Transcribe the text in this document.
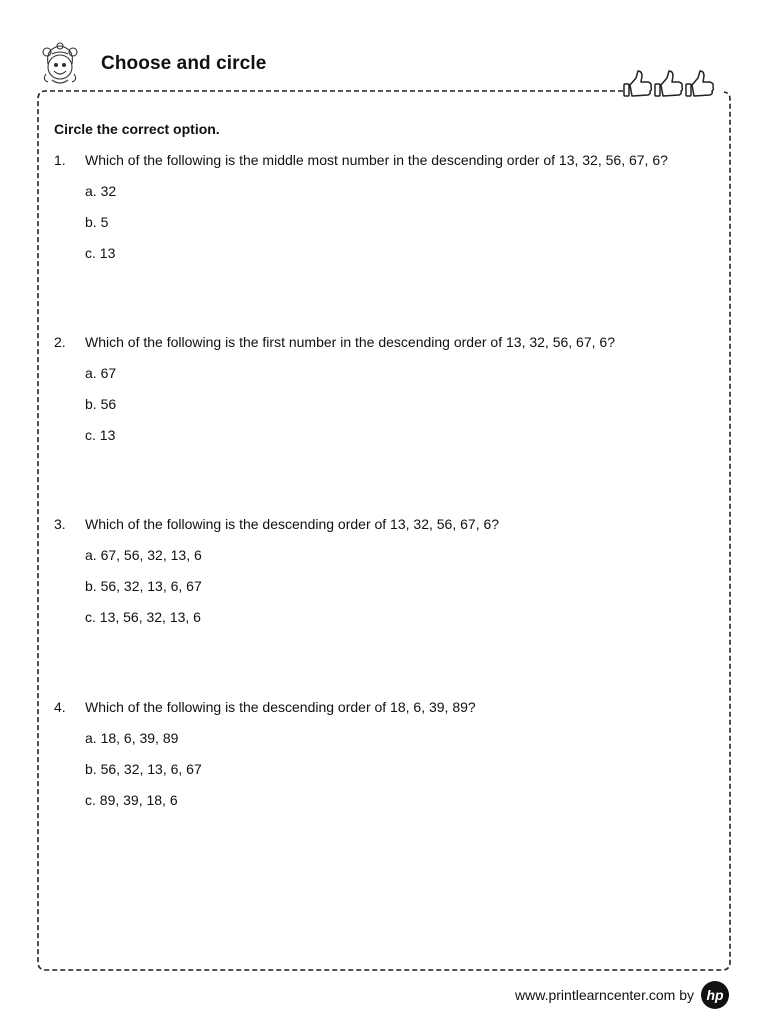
Choose and circle
Circle the correct option.
1.	Which of the following is the middle most number in the descending order of 13, 32, 56, 67, 6?
a. 32
b. 5
c. 13
2.	Which of the following is the first number in the descending order of 13, 32, 56, 67, 6?
a. 67
b. 56
c. 13
3.	Which of the following is the descending order of 13, 32, 56, 67, 6?
a. 67, 56, 32, 13, 6
b. 56, 32, 13, 6, 67
c. 13, 56, 32, 13, 6
4.	Which of the following is the descending order of 18, 6, 39, 89?
a. 18, 6, 39, 89
b. 56, 32, 13, 6, 67
c. 89, 39, 18, 6
www.printlearncenter.com by hp
